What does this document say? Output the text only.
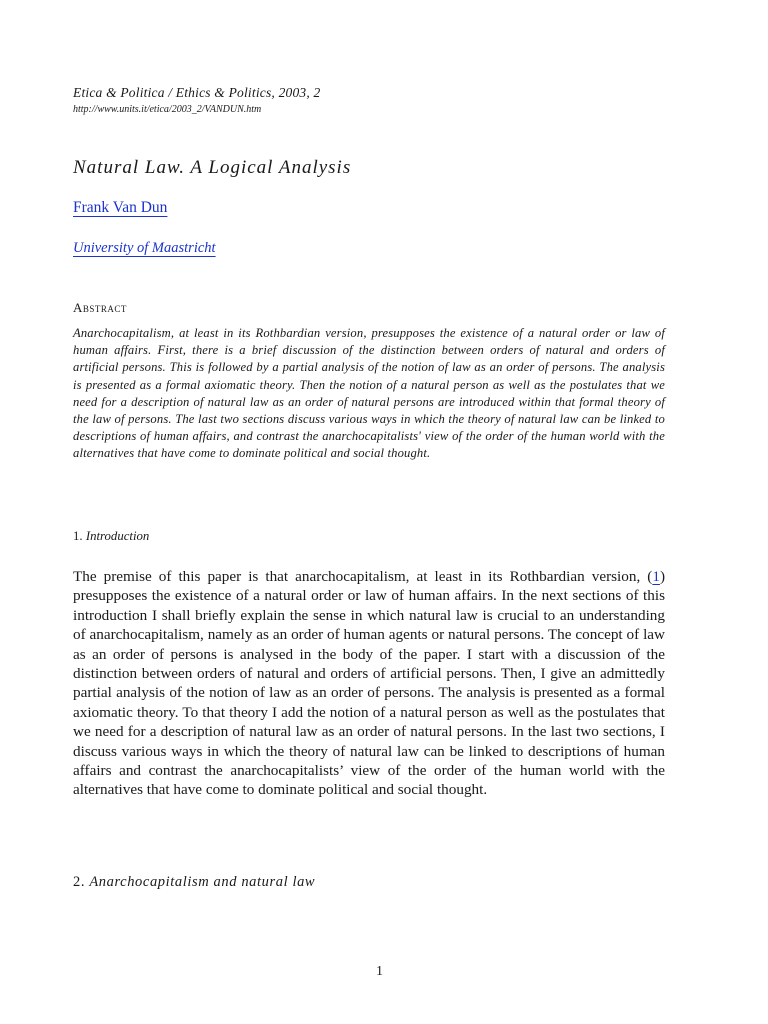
Etica & Politica / Ethics & Politics, 2003, 2
http://www.units.it/etica/2003_2/VANDUN.htm
Natural Law. A Logical Analysis
Frank Van Dun
University of Maastricht
Abstract

Anarchocapitalism, at least in its Rothbardian version, presupposes the existence of a natural order or law of human affairs. First, there is a brief discussion of the distinction between orders of natural and orders of artificial persons. This is followed by a partial analysis of the notion of law as an order of persons. The analysis is presented as a formal axiomatic theory. Then the notion of a natural person as well as the postulates that we need for a description of natural law as an order of natural persons are introduced within that formal theory of the law of persons. The last two sections discuss various ways in which the theory of natural law can be linked to descriptions of human affairs, and contrast the anarchocapitalists' view of the order of the human world with the alternatives that have come to dominate political and social thought.

1. Introduction

The premise of this paper is that anarchocapitalism, at least in its Rothbardian version, (1) presupposes the existence of a natural order or law of human affairs. In the next sections of this introduction I shall briefly explain the sense in which natural law is crucial to an understanding of anarchocapitalism, namely as an order of human agents or natural persons. The concept of law as an order of persons is analysed in the body of the paper. I start with a discussion of the distinction between orders of natural and orders of artificial persons. Then, I give an admittedly partial analysis of the notion of law as an order of persons. The analysis is presented as a formal axiomatic theory. To that theory I add the notion of a natural person as well as the postulates that we need for a description of natural law as an order of natural persons. In the last two sections, I discuss various ways in which the theory of natural law can be linked to descriptions of human affairs and contrast the anarchocapitalists’ view of the order of the human world with the alternatives that have come to dominate political and social thought.

2. Anarchocapitalism and natural law
1
